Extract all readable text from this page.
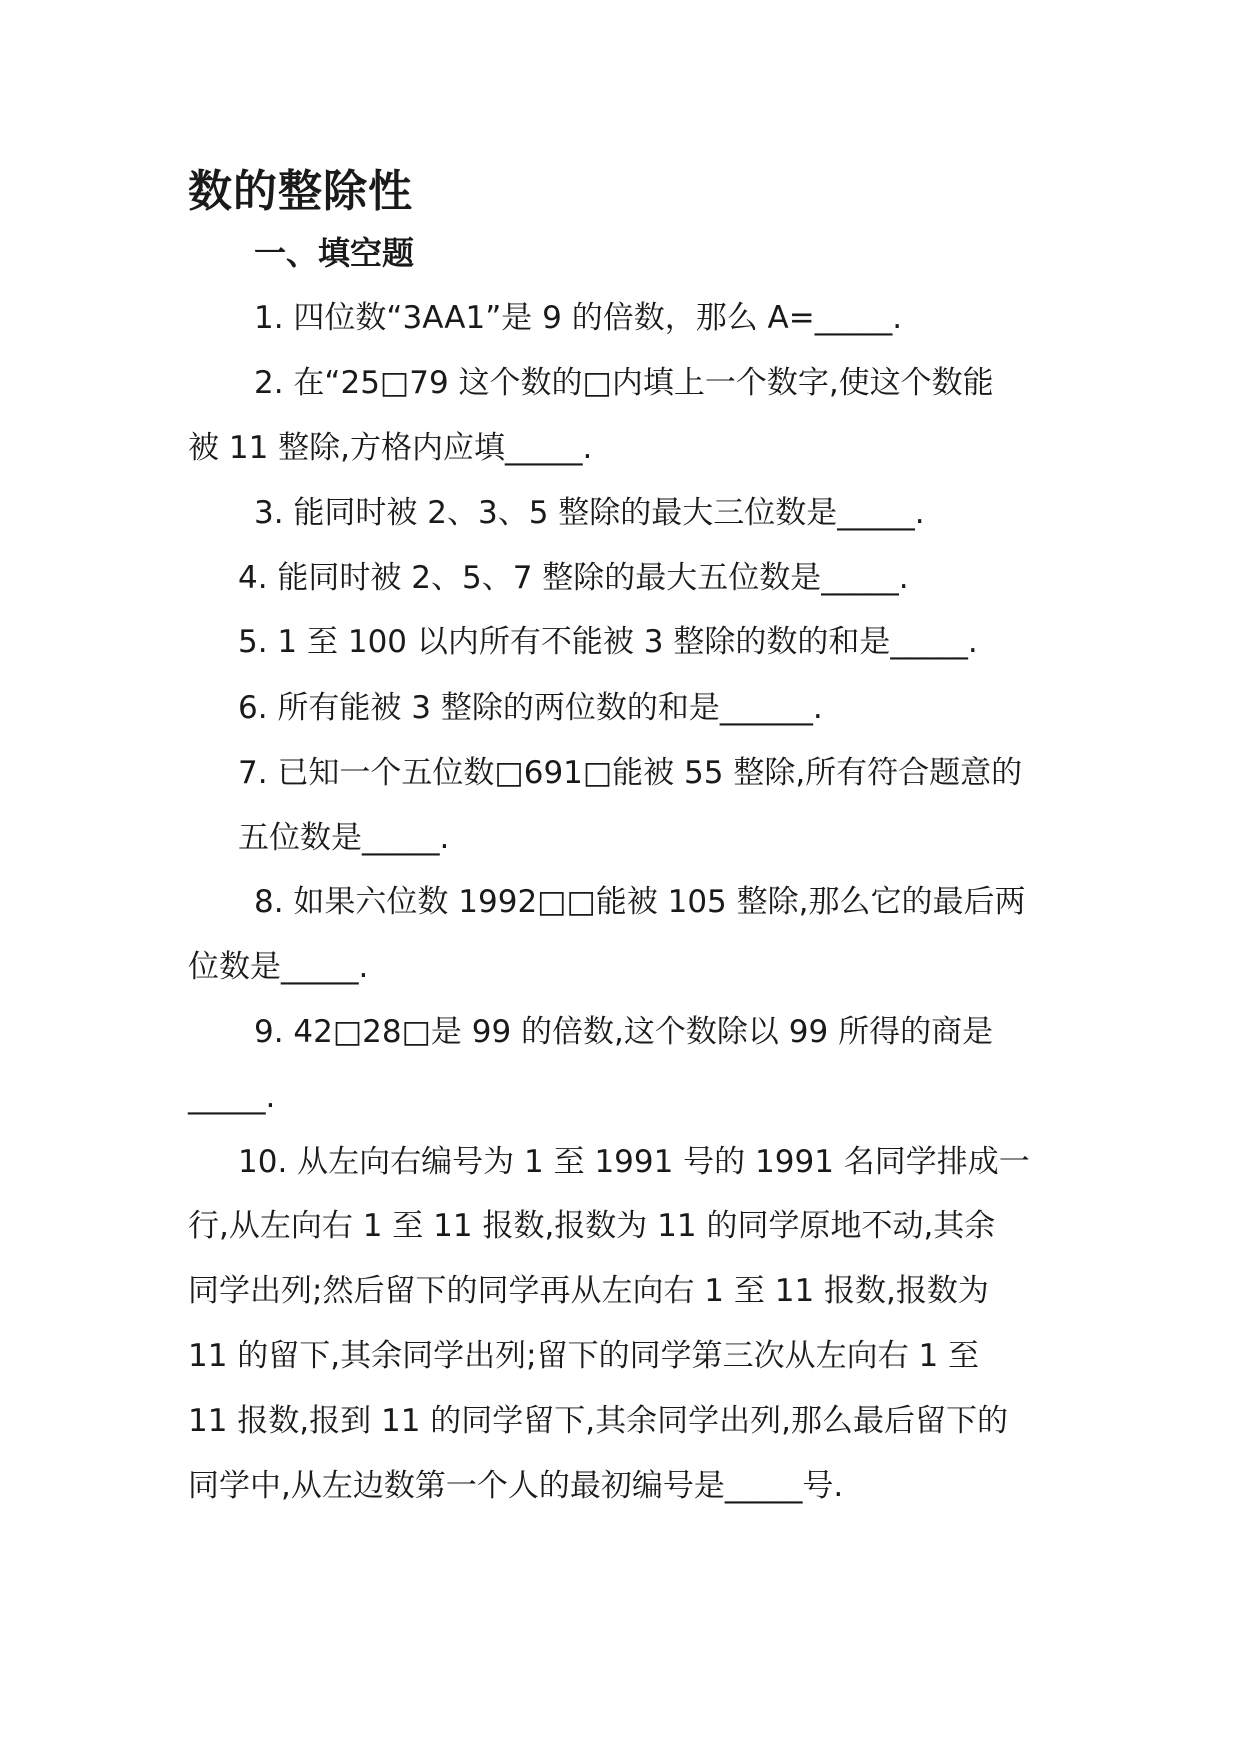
数的整除性
一、填空题
1. 四位数“3AA1”是 9 的倍数，那么 A=_____.
2. 在“25□79 这个数的□内填上一个数字,使这个数能
被 11 整除,方格内应填_____.
3. 能同时被 2、3、5 整除的最大三位数是_____.
4. 能同时被 2、5、7 整除的最大五位数是_____.
5. 1 至 100 以内所有不能被 3 整除的数的和是_____.
6. 所有能被 3 整除的两位数的和是______.
7. 已知一个五位数□691□能被 55 整除,所有符合题意的
五位数是_____.
8. 如果六位数 1992□□能被 105 整除,那么它的最后两
位数是_____.
9. 42□28□是 99 的倍数,这个数除以 99 所得的商是
_____.
10. 从左向右编号为 1 至 1991 号的 1991 名同学排成一
行,从左向右 1 至 11 报数,报数为 11 的同学原地不动,其余
同学出列;然后留下的同学再从左向右 1 至 11 报数,报数为
11 的留下,其余同学出列;留下的同学第三次从左向右 1 至
11 报数,报到 11 的同学留下,其余同学出列,那么最后留下的
同学中,从左边数第一个人的最初编号是_____号.
